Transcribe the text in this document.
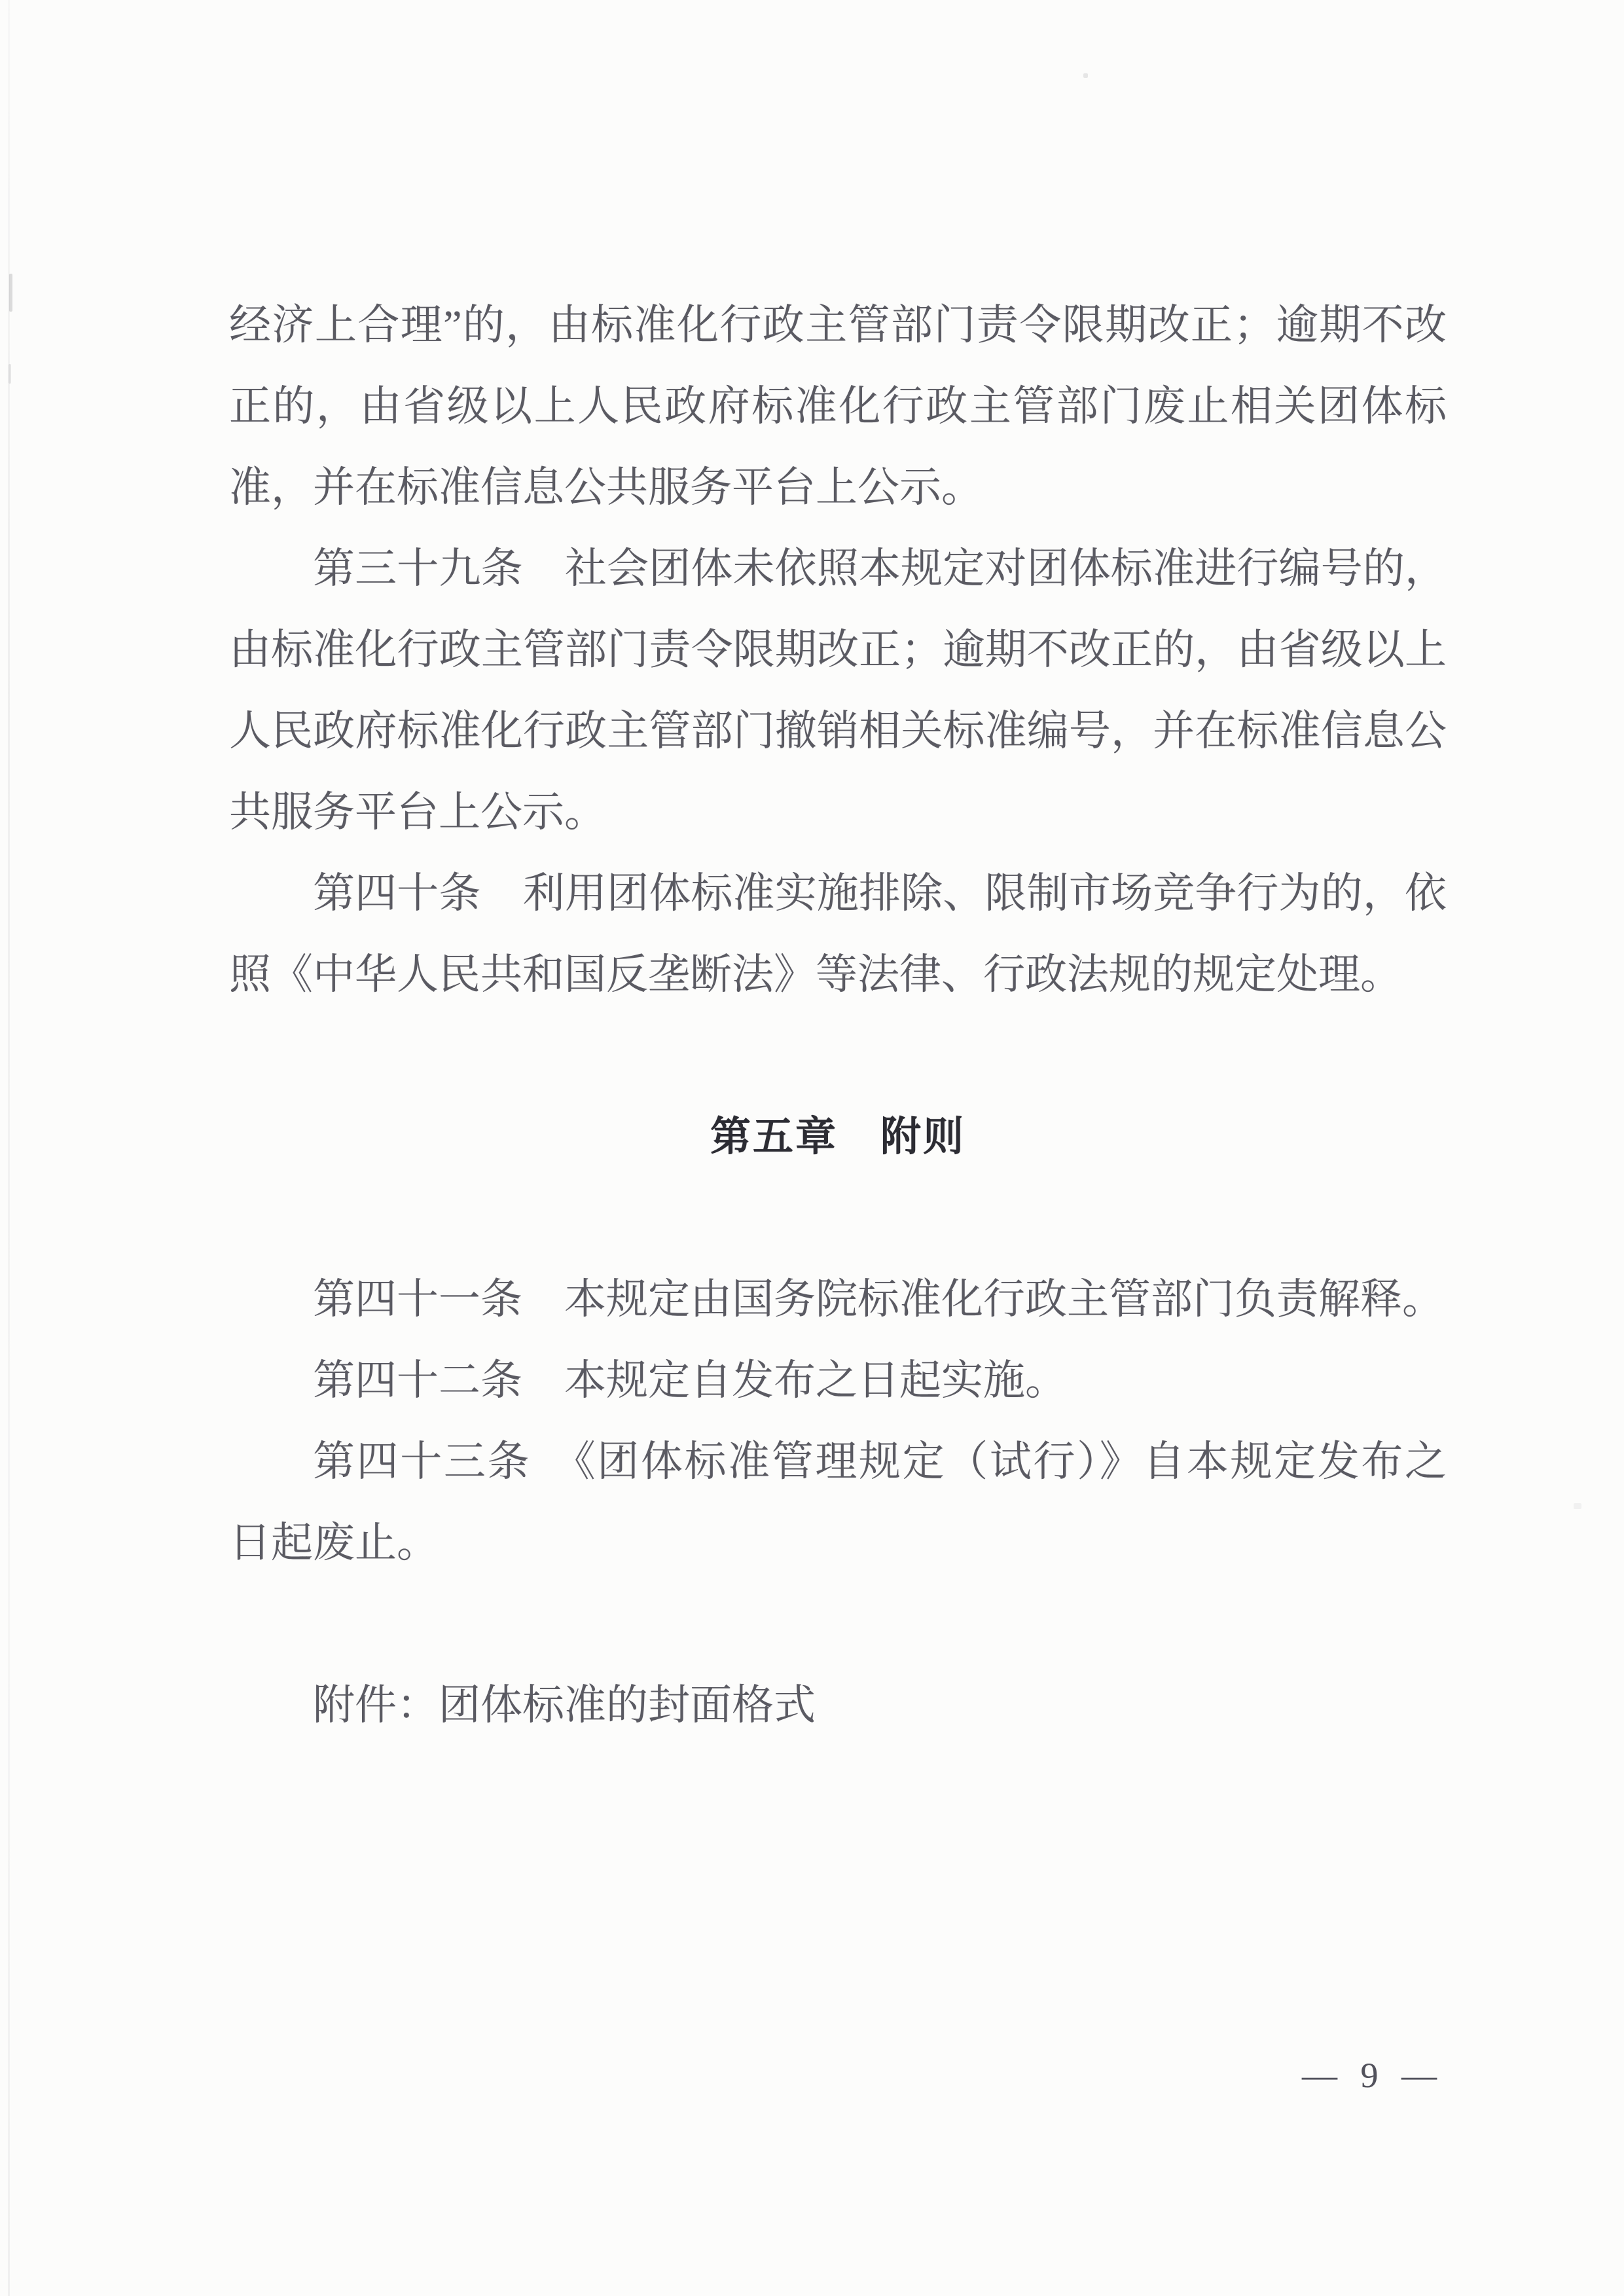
经济上合理”的，由标准化行政主管部门责令限期改正；逾期不改
正的，由省级以上人民政府标准化行政主管部门废止相关团体标
准，并在标准信息公共服务平台上公示。
第三十九条　社会团体未依照本规定对团体标准进行编号的，
由标准化行政主管部门责令限期改正；逾期不改正的，由省级以上
人民政府标准化行政主管部门撤销相关标准编号，并在标准信息公
共服务平台上公示。
第四十条　利用团体标准实施排除、限制市场竞争行为的，依
照《中华人民共和国反垄断法》等法律、行政法规的规定处理。
第五章　附则
第四十一条　本规定由国务院标准化行政主管部门负责解释。
第四十二条　本规定自发布之日起实施。
第四十三条　《团体标准管理规定（试行）》自本规定发布之
日起废止。
附件：团体标准的封面格式
— 9 —
